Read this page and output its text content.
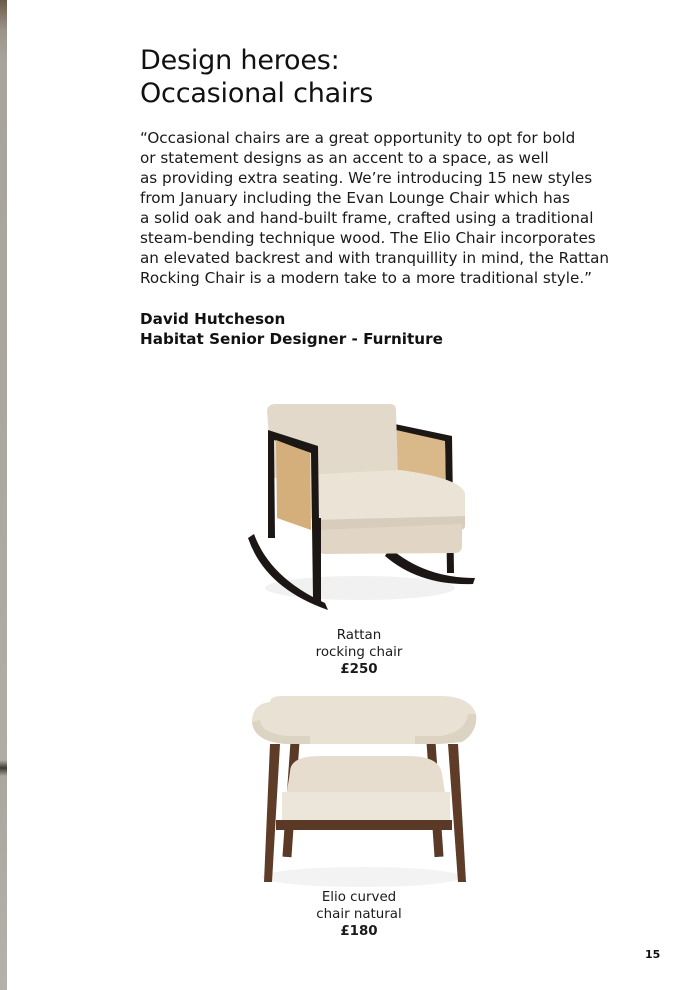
Design heroes:
Occasional chairs
“Occasional chairs are a great opportunity to opt for bold
or statement designs as an accent to a space, as well
as providing extra seating. We’re introducing 15 new styles
from January including the Evan Lounge Chair which has
a solid oak and hand-built frame, crafted using a traditional
steam-bending technique wood. The Elio Chair incorporates
an elevated backrest and with tranquillity in mind, the Rattan
Rocking Chair is a modern take to a more traditional style.”
David Hutcheson
Habitat Senior Designer - Furniture
Rattan
rocking chair
£250
Elio curved
chair natural
£180
15
